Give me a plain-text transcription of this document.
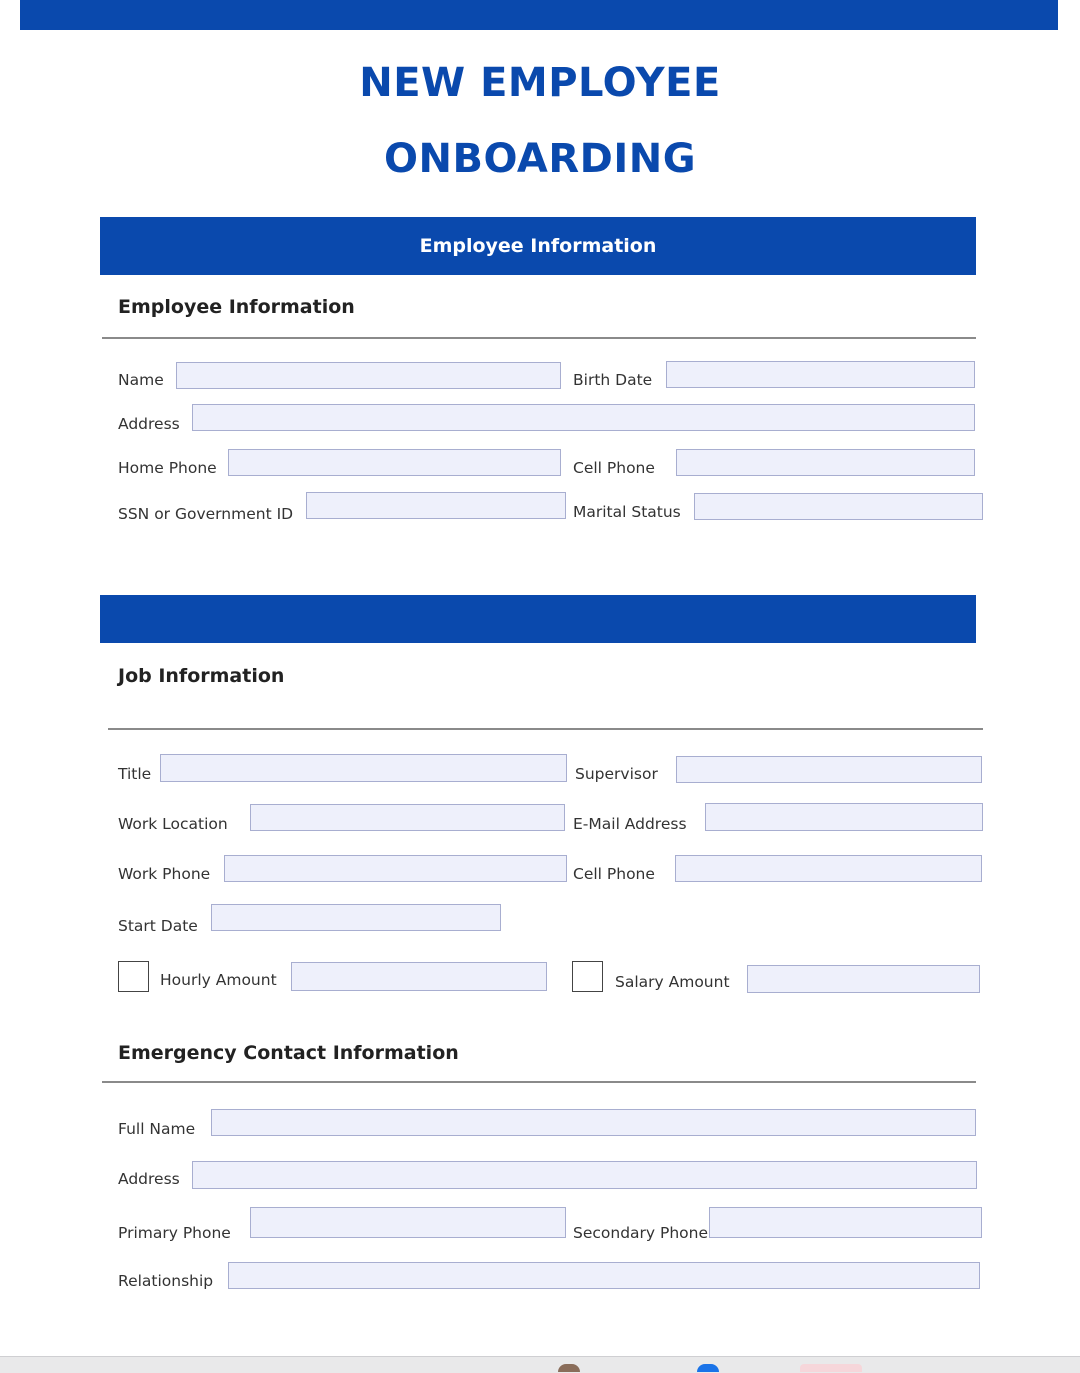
NEW EMPLOYEE
ONBOARDING
Employee Information
Employee Information
Name	Birth Date
Address
Home Phone	Cell Phone
SSN or Government ID	Marital Status
Job Information
Title	Supervisor
Work Location	E-Mail Address
Work Phone	Cell Phone
Start Date
Hourly Amount	Salary Amount
Emergency Contact Information
Full Name
Address
Primary Phone	Secondary Phone
Relationship
